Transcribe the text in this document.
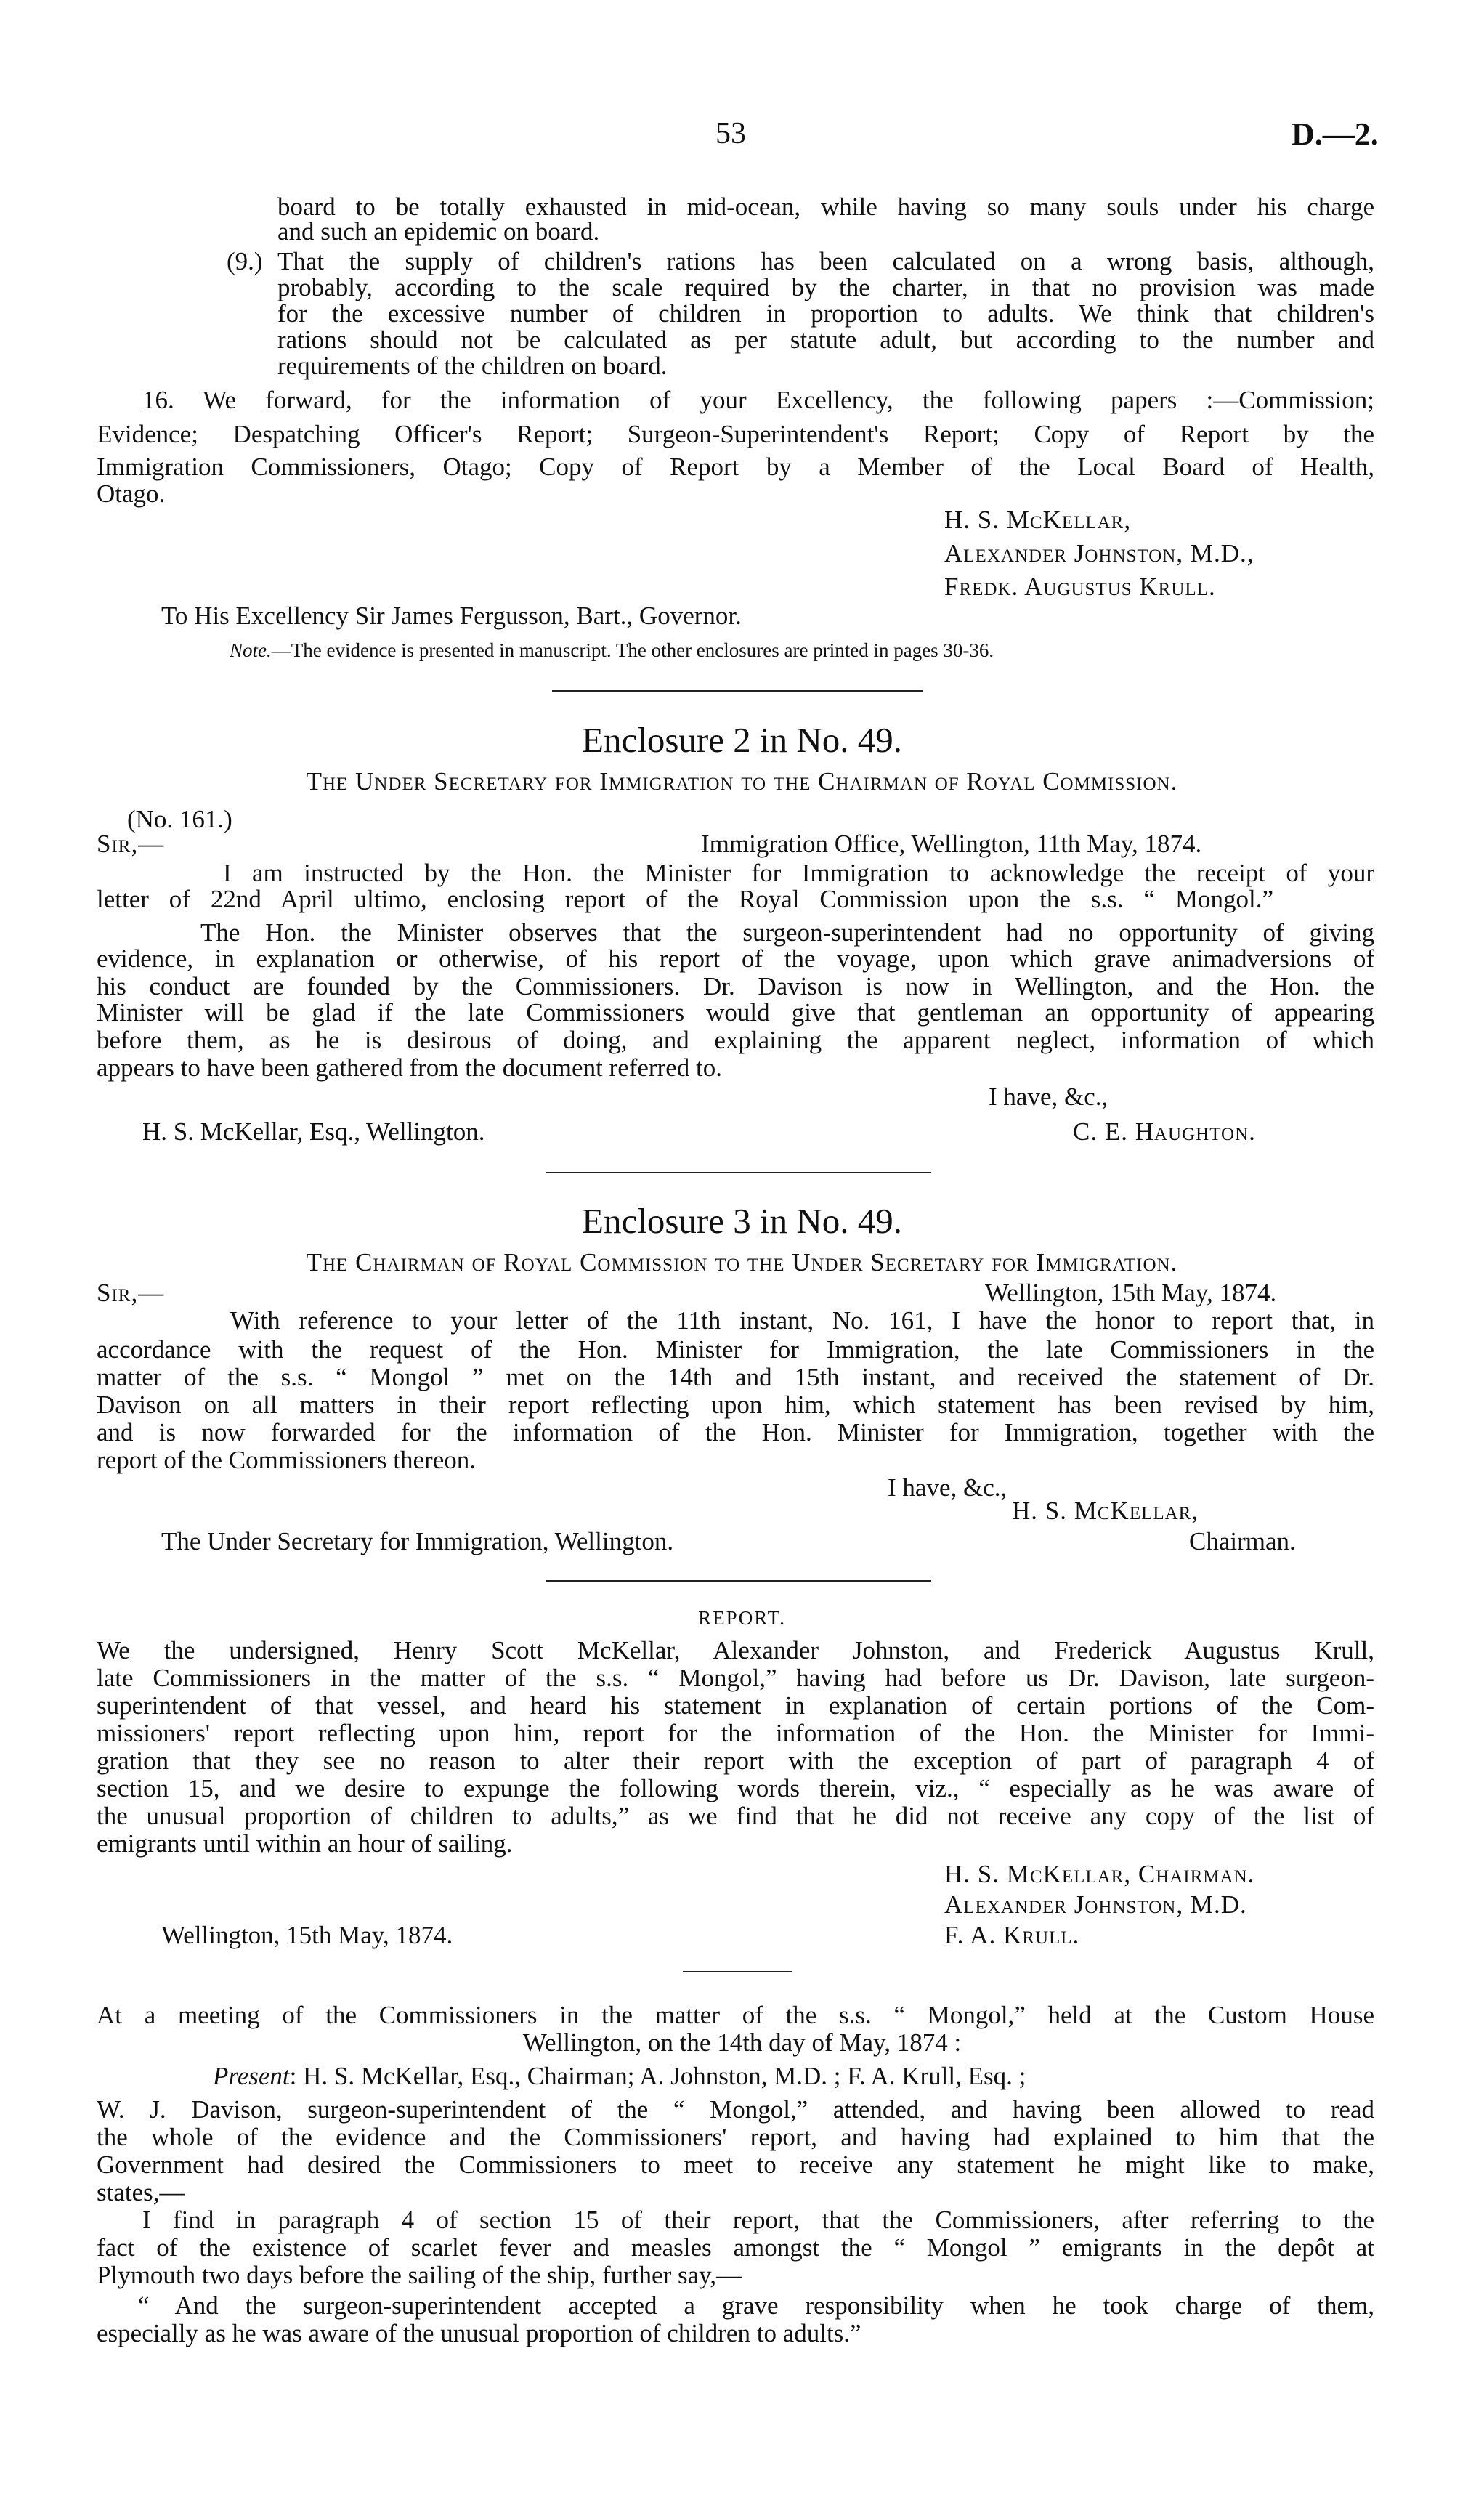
53	D.—2.
board to be totally exhausted in mid-ocean, while having so many souls under his charge
and such an epidemic on board.
(9.) That the supply of children's rations has been calculated on a wrong basis, although,
probably, according to the scale required by the charter, in that no provision was made
for the excessive number of children in proportion to adults. We think that children's
rations should not be calculated as per statute adult, but according to the number and
requirements of the children on board.
16. We forward, for the information of your Excellency, the following papers :—Commission;
Evidence; Despatching Officer's Report; Surgeon-Superintendent's Report; Copy of Report by the
Immigration Commissioners, Otago; Copy of Report by a Member of the Local Board of Health,
Otago.
H. S. McKellar,
Alexander Johnston, M.D.,
Fredk. Augustus Krull.
To His Excellency Sir James Fergusson, Bart., Governor.
Note.—The evidence is presented in manuscript. The other enclosures are printed in pages 30-36.
Enclosure 2 in No. 49.
The Under Secretary for Immigration to the Chairman of Royal Commission.
(No. 161.)
Sir,—	Immigration Office, Wellington, 11th May, 1874.
I am instructed by the Hon. the Minister for Immigration to acknowledge the receipt of your
letter of 22nd April ultimo, enclosing report of the Royal Commission upon the s.s. “ Mongol.”
The Hon. the Minister observes that the surgeon-superintendent had no opportunity of giving
evidence, in explanation or otherwise, of his report of the voyage, upon which grave animadversions of
his conduct are founded by the Commissioners. Dr. Davison is now in Wellington, and the Hon. the
Minister will be glad if the late Commissioners would give that gentleman an opportunity of appearing
before them, as he is desirous of doing, and explaining the apparent neglect, information of which
appears to have been gathered from the document referred to.
I have, &c.,
H. S. McKellar, Esq., Wellington.	C. E. Haughton.
Enclosure 3 in No. 49.
The Chairman of Royal Commission to the Under Secretary for Immigration.
Sir,—	Wellington, 15th May, 1874.
With reference to your letter of the 11th instant, No. 161, I have the honor to report that, in
accordance with the request of the Hon. Minister for Immigration, the late Commissioners in the
matter of the s.s. “ Mongol ” met on the 14th and 15th instant, and received the statement of Dr.
Davison on all matters in their report reflecting upon him, which statement has been revised by him,
and is now forwarded for the information of the Hon. Minister for Immigration, together with the
report of the Commissioners thereon.
I have, &c.,
H. S. McKellar,
The Under Secretary for Immigration, Wellington.	Chairman.
REPORT.
We the undersigned, Henry Scott McKellar, Alexander Johnston, and Frederick Augustus Krull,
late Commissioners in the matter of the s.s. “ Mongol,” having had before us Dr. Davison, late surgeon-
superintendent of that vessel, and heard his statement in explanation of certain portions of the Com-
missioners' report reflecting upon him, report for the information of the Hon. the Minister for Immi-
gration that they see no reason to alter their report with the exception of part of paragraph 4 of
section 15, and we desire to expunge the following words therein, viz., “ especially as he was aware of
the unusual proportion of children to adults,” as we find that he did not receive any copy of the list of
emigrants until within an hour of sailing.
H. S. McKellar, Chairman.
Alexander Johnston, M.D.
F. A. Krull.
Wellington, 15th May, 1874.
At a meeting of the Commissioners in the matter of the s.s. “ Mongol,” held at the Custom House
Wellington, on the 14th day of May, 1874 :
Present: H. S. McKellar, Esq., Chairman; A. Johnston, M.D. ; F. A. Krull, Esq. ;
W. J. Davison, surgeon-superintendent of the “ Mongol,” attended, and having been allowed to read
the whole of the evidence and the Commissioners' report, and having had explained to him that the
Government had desired the Commissioners to meet to receive any statement he might like to make,
states,—
I find in paragraph 4 of section 15 of their report, that the Commissioners, after referring to the
fact of the existence of scarlet fever and measles amongst the “ Mongol ” emigrants in the depôt at
Plymouth two days before the sailing of the ship, further say,—
“ And the surgeon-superintendent accepted a grave responsibility when he took charge of them,
especially as he was aware of the unusual proportion of children to adults.”
